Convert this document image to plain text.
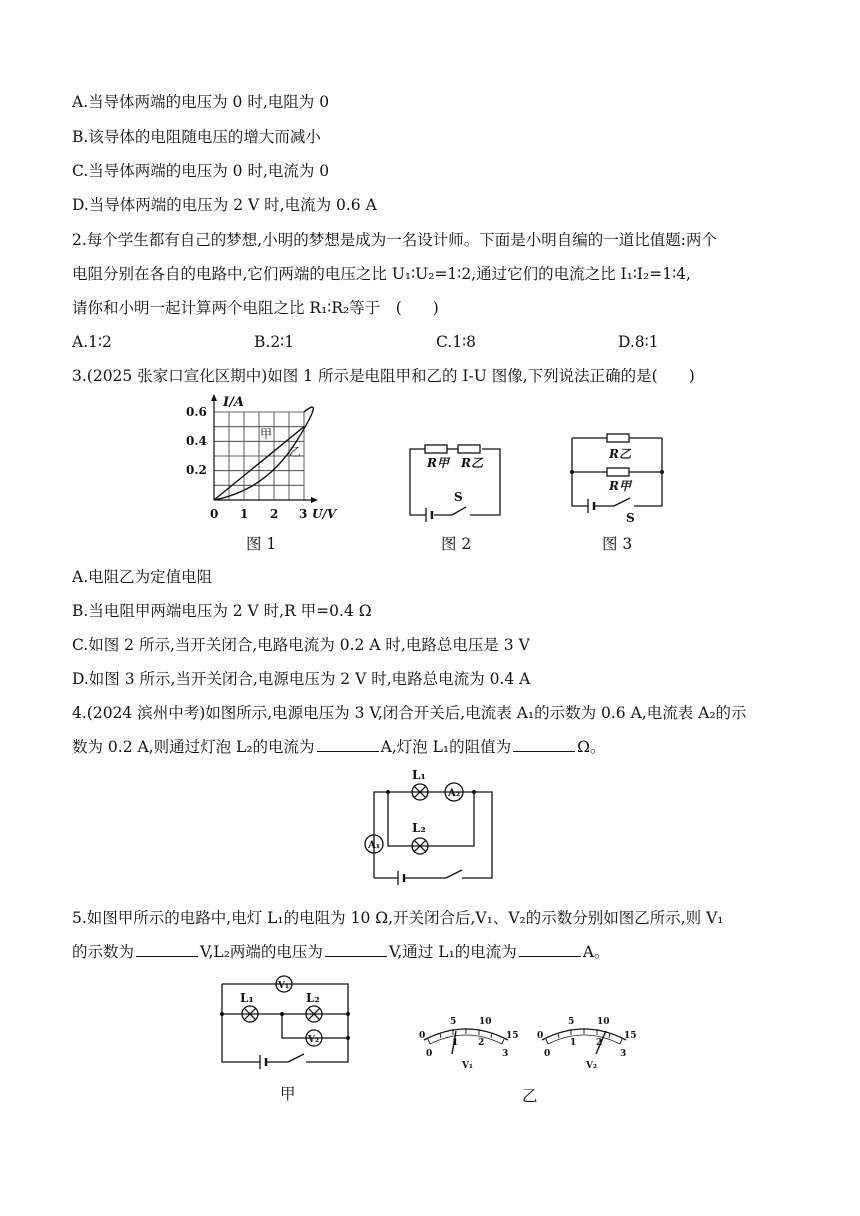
A.当导体两端的电压为 0 时,电阻为 0
B.该导体的电阻随电压的增大而减小
C.当导体两端的电压为 0 时,电流为 0
D.当导体两端的电压为 2 V 时,电流为 0.6 A
2.每个学生都有自己的梦想,小明的梦想是成为一名设计师。下面是小明自编的一道比值题:两个
电阻分别在各自的电路中,它们两端的电压之比 U₁∶U₂=1∶2,通过它们的电流之比 I₁∶I₂=1∶4,
请你和小明一起计算两个电阻之比 R₁∶R₂等于　(　　)
A.1∶2	B.2∶1	C.1∶8	D.8∶1
3.(2025 张家口宣化区期中)如图 1 所示是电阻甲和乙的 I-U 图像,下列说法正确的是(　　)
I/A
0.6
0.4
0.2
0 1 2 3 U/V
甲
乙
图 1
R甲 R乙
S
图 2
R乙
R甲
S
图 3
A.电阻乙为定值电阻
B.当电阻甲两端电压为 2 V 时,R 甲=0.4 Ω
C.如图 2 所示,当开关闭合,电路电流为 0.2 A 时,电路总电压是 3 V
D.如图 3 所示,当开关闭合,电源电压为 2 V 时,电路总电流为 0.4 A
4.(2024 滨州中考)如图所示,电源电压为 3 V,闭合开关后,电流表 A₁的示数为 0.6 A,电流表 A₂的示
数为 0.2 A,则通过灯泡 L₂的电流为	A,灯泡 L₁的阻值为	Ω。
A₁
A₂
L₁
L₂
5.如图甲所示的电路中,电灯 L₁的电阻为 10 Ω,开关闭合后,V₁、V₂的示数分别如图乙所示,则 V₁
的示数为	V,L₂两端的电压为	V,通过 L₁的电流为	A。
V₁
V₂
L₁	L₂
甲
0
5	10
15
0
1 2
3
V₁
0
5	10
15
0
1 2
3
V₂
乙
